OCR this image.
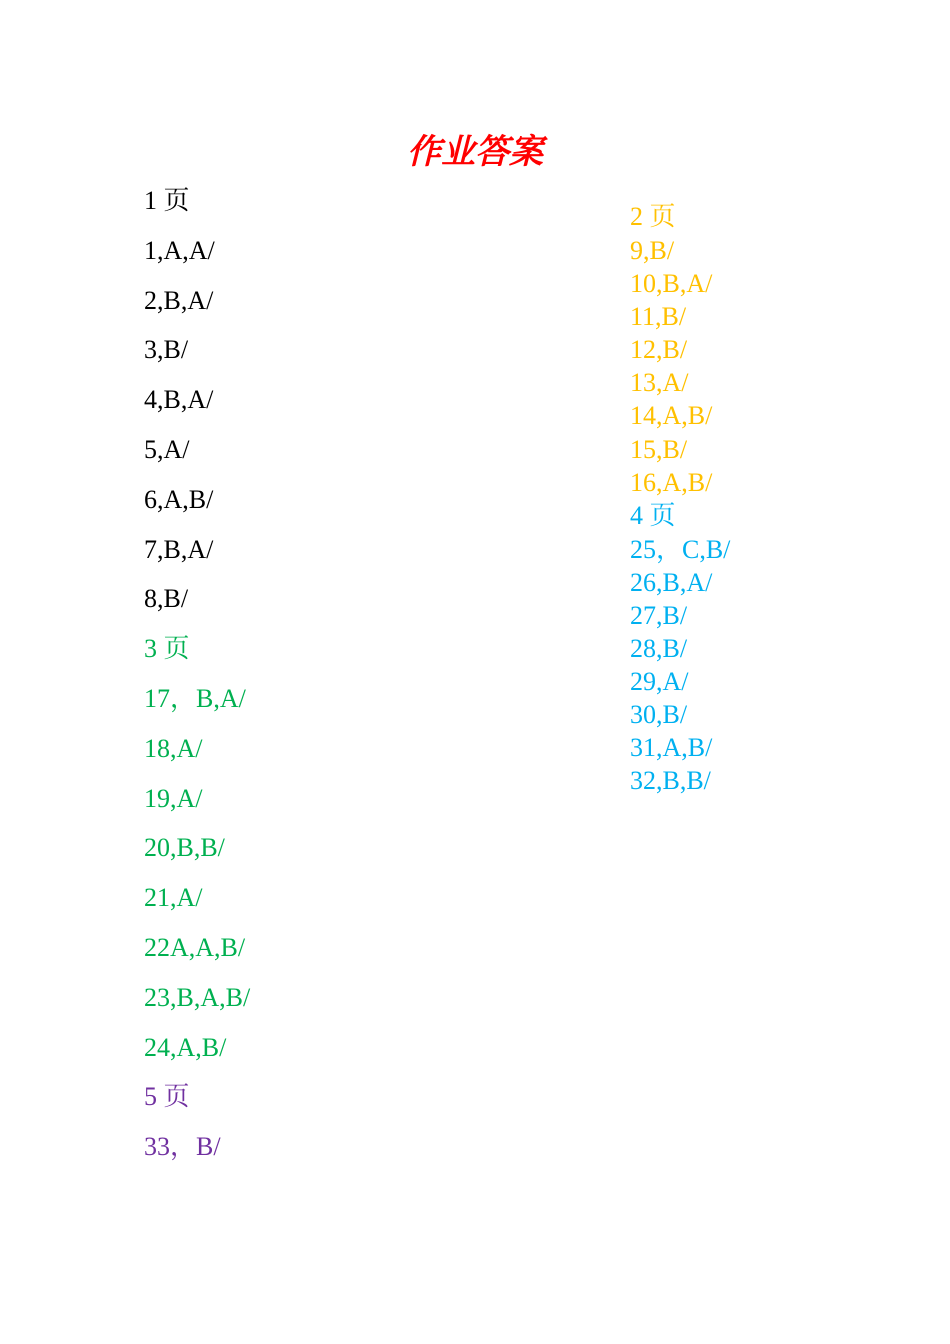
作业答案
1 页
1,A,A/
2,B,A/
3,B/
4,B,A/
5,A/
6,A,B/
7,B,A/
8,B/
3 页
17，B,A/
18,A/
19,A/
20,B,B/
21,A/
22A,A,B/
23,B,A,B/
24,A,B/
5 页
33，B/
2 页
9,B/
10,B,A/
11,B/
12,B/
13,A/
14,A,B/
15,B/
16,A,B/
4 页
25，C,B/
26,B,A/
27,B/
28,B/
29,A/
30,B/
31,A,B/
32,B,B/
